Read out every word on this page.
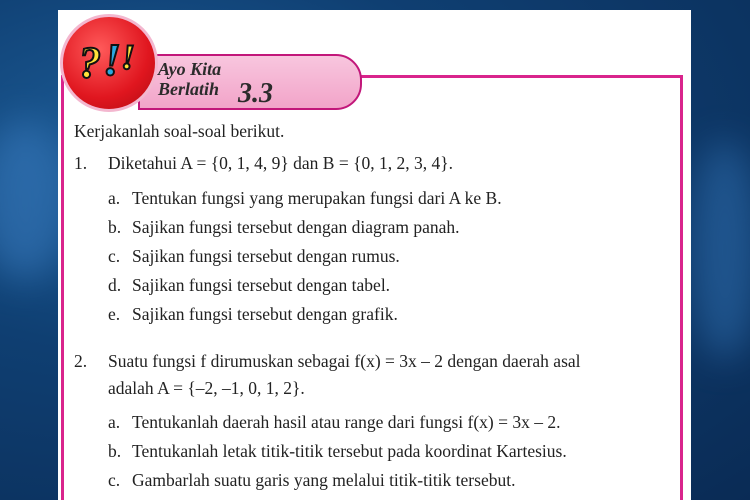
Ayo Kita
Berlatih 3.3
? ! !
Kerjakanlah soal-soal berikut.
1. Diketahui A = {0, 1, 4, 9} dan B = {0, 1, 2, 3, 4}.
a. Tentukan fungsi yang merupakan fungsi dari A ke B.
b. Sajikan fungsi tersebut dengan diagram panah.
c. Sajikan fungsi tersebut dengan rumus.
d. Sajikan fungsi tersebut dengan tabel.
e. Sajikan fungsi tersebut dengan grafik.
2. Suatu fungsi f dirumuskan sebagai f(x) = 3x – 2 dengan daerah asal
adalah A = {–2, –1, 0, 1, 2}.
a. Tentukanlah daerah hasil atau range dari fungsi f(x) = 3x – 2.
b. Tentukanlah letak titik-titik tersebut pada koordinat Kartesius.
c. Gambarlah suatu garis yang melalui titik-titik tersebut.
